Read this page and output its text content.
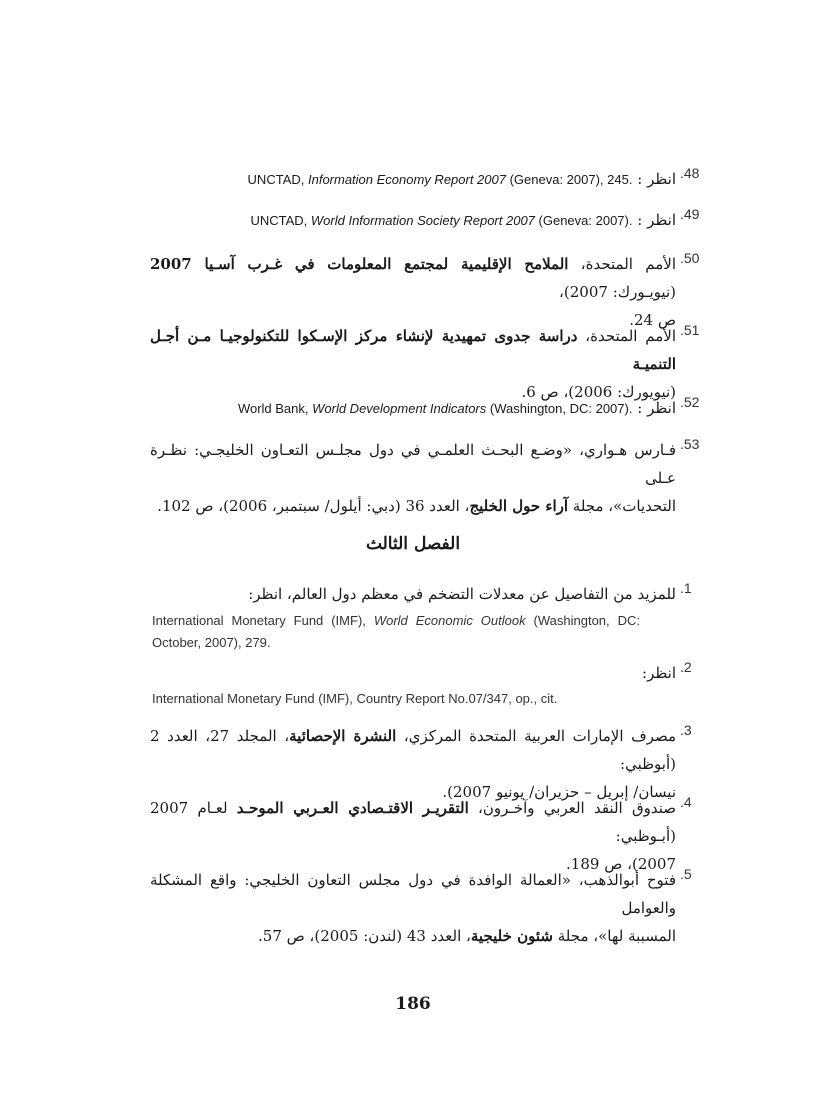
.48
انظر : UNCTAD, Information Economy Report 2007 (Geneva: 2007), 245.
.49
انظر : UNCTAD, World Information Society Report 2007 (Geneva: 2007).
.50
الأمم المتحدة، الملامح الإقليمية لمجتمع المعلومات في غـرب آسـيا 2007 (نيويـورك: 2007)،
ص 24.
.51
الأمم المتحدة، دراسة جدوى تمهيدية لإنشاء مركز الإسـكوا للتكنولوجيـا مـن أجـل التنميـة
(نيويورك: 2006)، ص 6.
.52
انظر : World Bank, World Development Indicators (Washington, DC: 2007).
.53
فـارس هـواري، «وضـع البحـث العلمـي في دول مجلـس التعـاون الخليجـي: نظـرة عـلى
التحديات»، مجلة آراء حول الخليج، العدد 36 (دبي: أيلول/ سبتمبر، 2006)، ص 102.
الفصل الثالث
.1
للمزيد من التفاصيل عن معدلات التضخم في معظم دول العالم، انظر:
International Monetary Fund (IMF), World Economic Outlook (Washington, DC: October, 2007), 279.
.2
انظر:
International Monetary Fund (IMF), Country Report No.07/347, op., cit.
.3
مصرف الإمارات العربية المتحدة المركزي، النشرة الإحصائية، المجلد 27، العدد 2 (أبوظبي:
نيسان/ إبريل – حزيران/ يونيو 2007).
.4
صندوق النقد العربي وآخـرون، التقريـر الاقتـصادي العـربي الموحـد لعـام 2007 (أبـوظبي:
2007)، ص 189.
.5
فتوح أبوالذهب، «العمالة الوافدة في دول مجلس التعاون الخليجي: واقع المشكلة والعوامل
المسببة لها»، مجلة شئون خليجية، العدد 43 (لندن: 2005)، ص 57.
186
